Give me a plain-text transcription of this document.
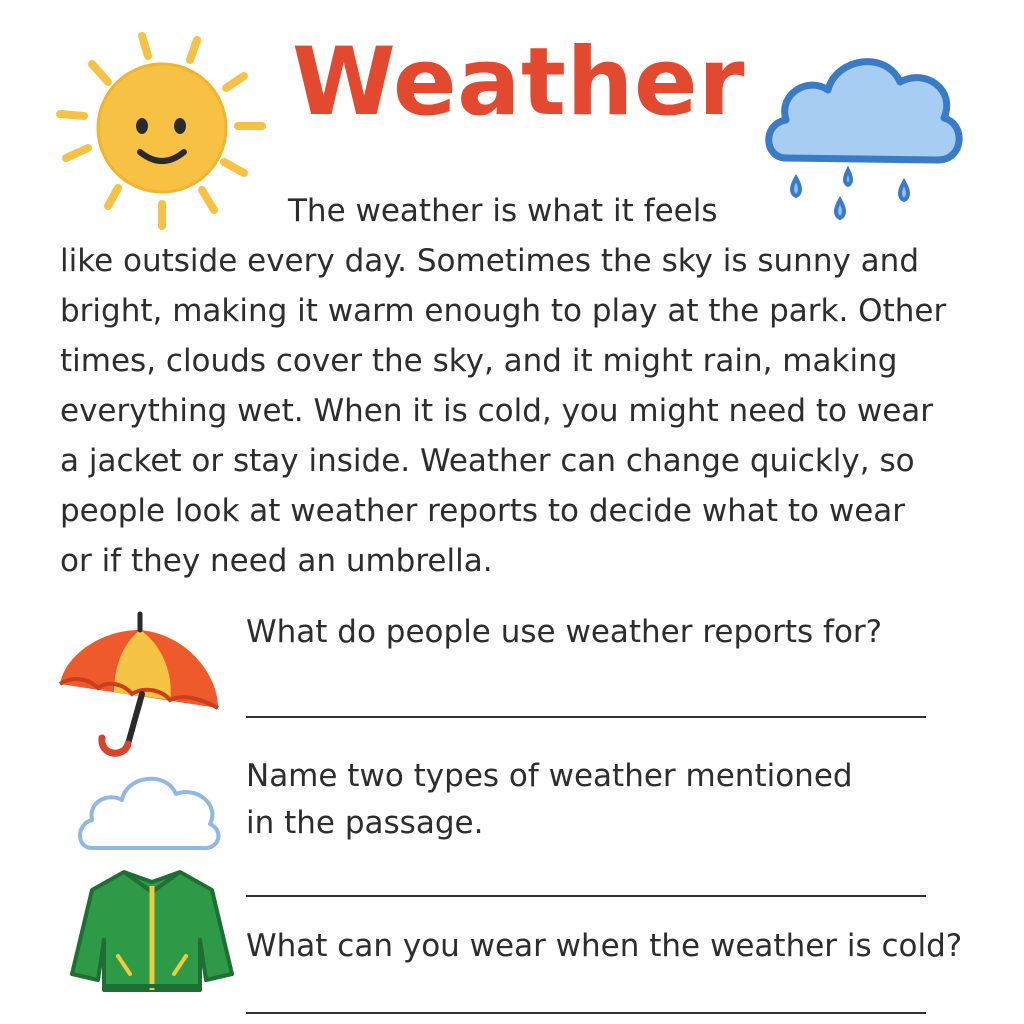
Weather
The weather is what it feels
like outside every day. Sometimes the sky is sunny and
bright, making it warm enough to play at the park. Other
times, clouds cover the sky, and it might rain, making
everything wet. When it is cold, you might need to wear
a jacket or stay inside. Weather can change quickly, so
people look at weather reports to decide what to wear
or if they need an umbrella.
What do people use weather reports for?
Name two types of weather mentioned
in the passage.
What can you wear when the weather is cold?
